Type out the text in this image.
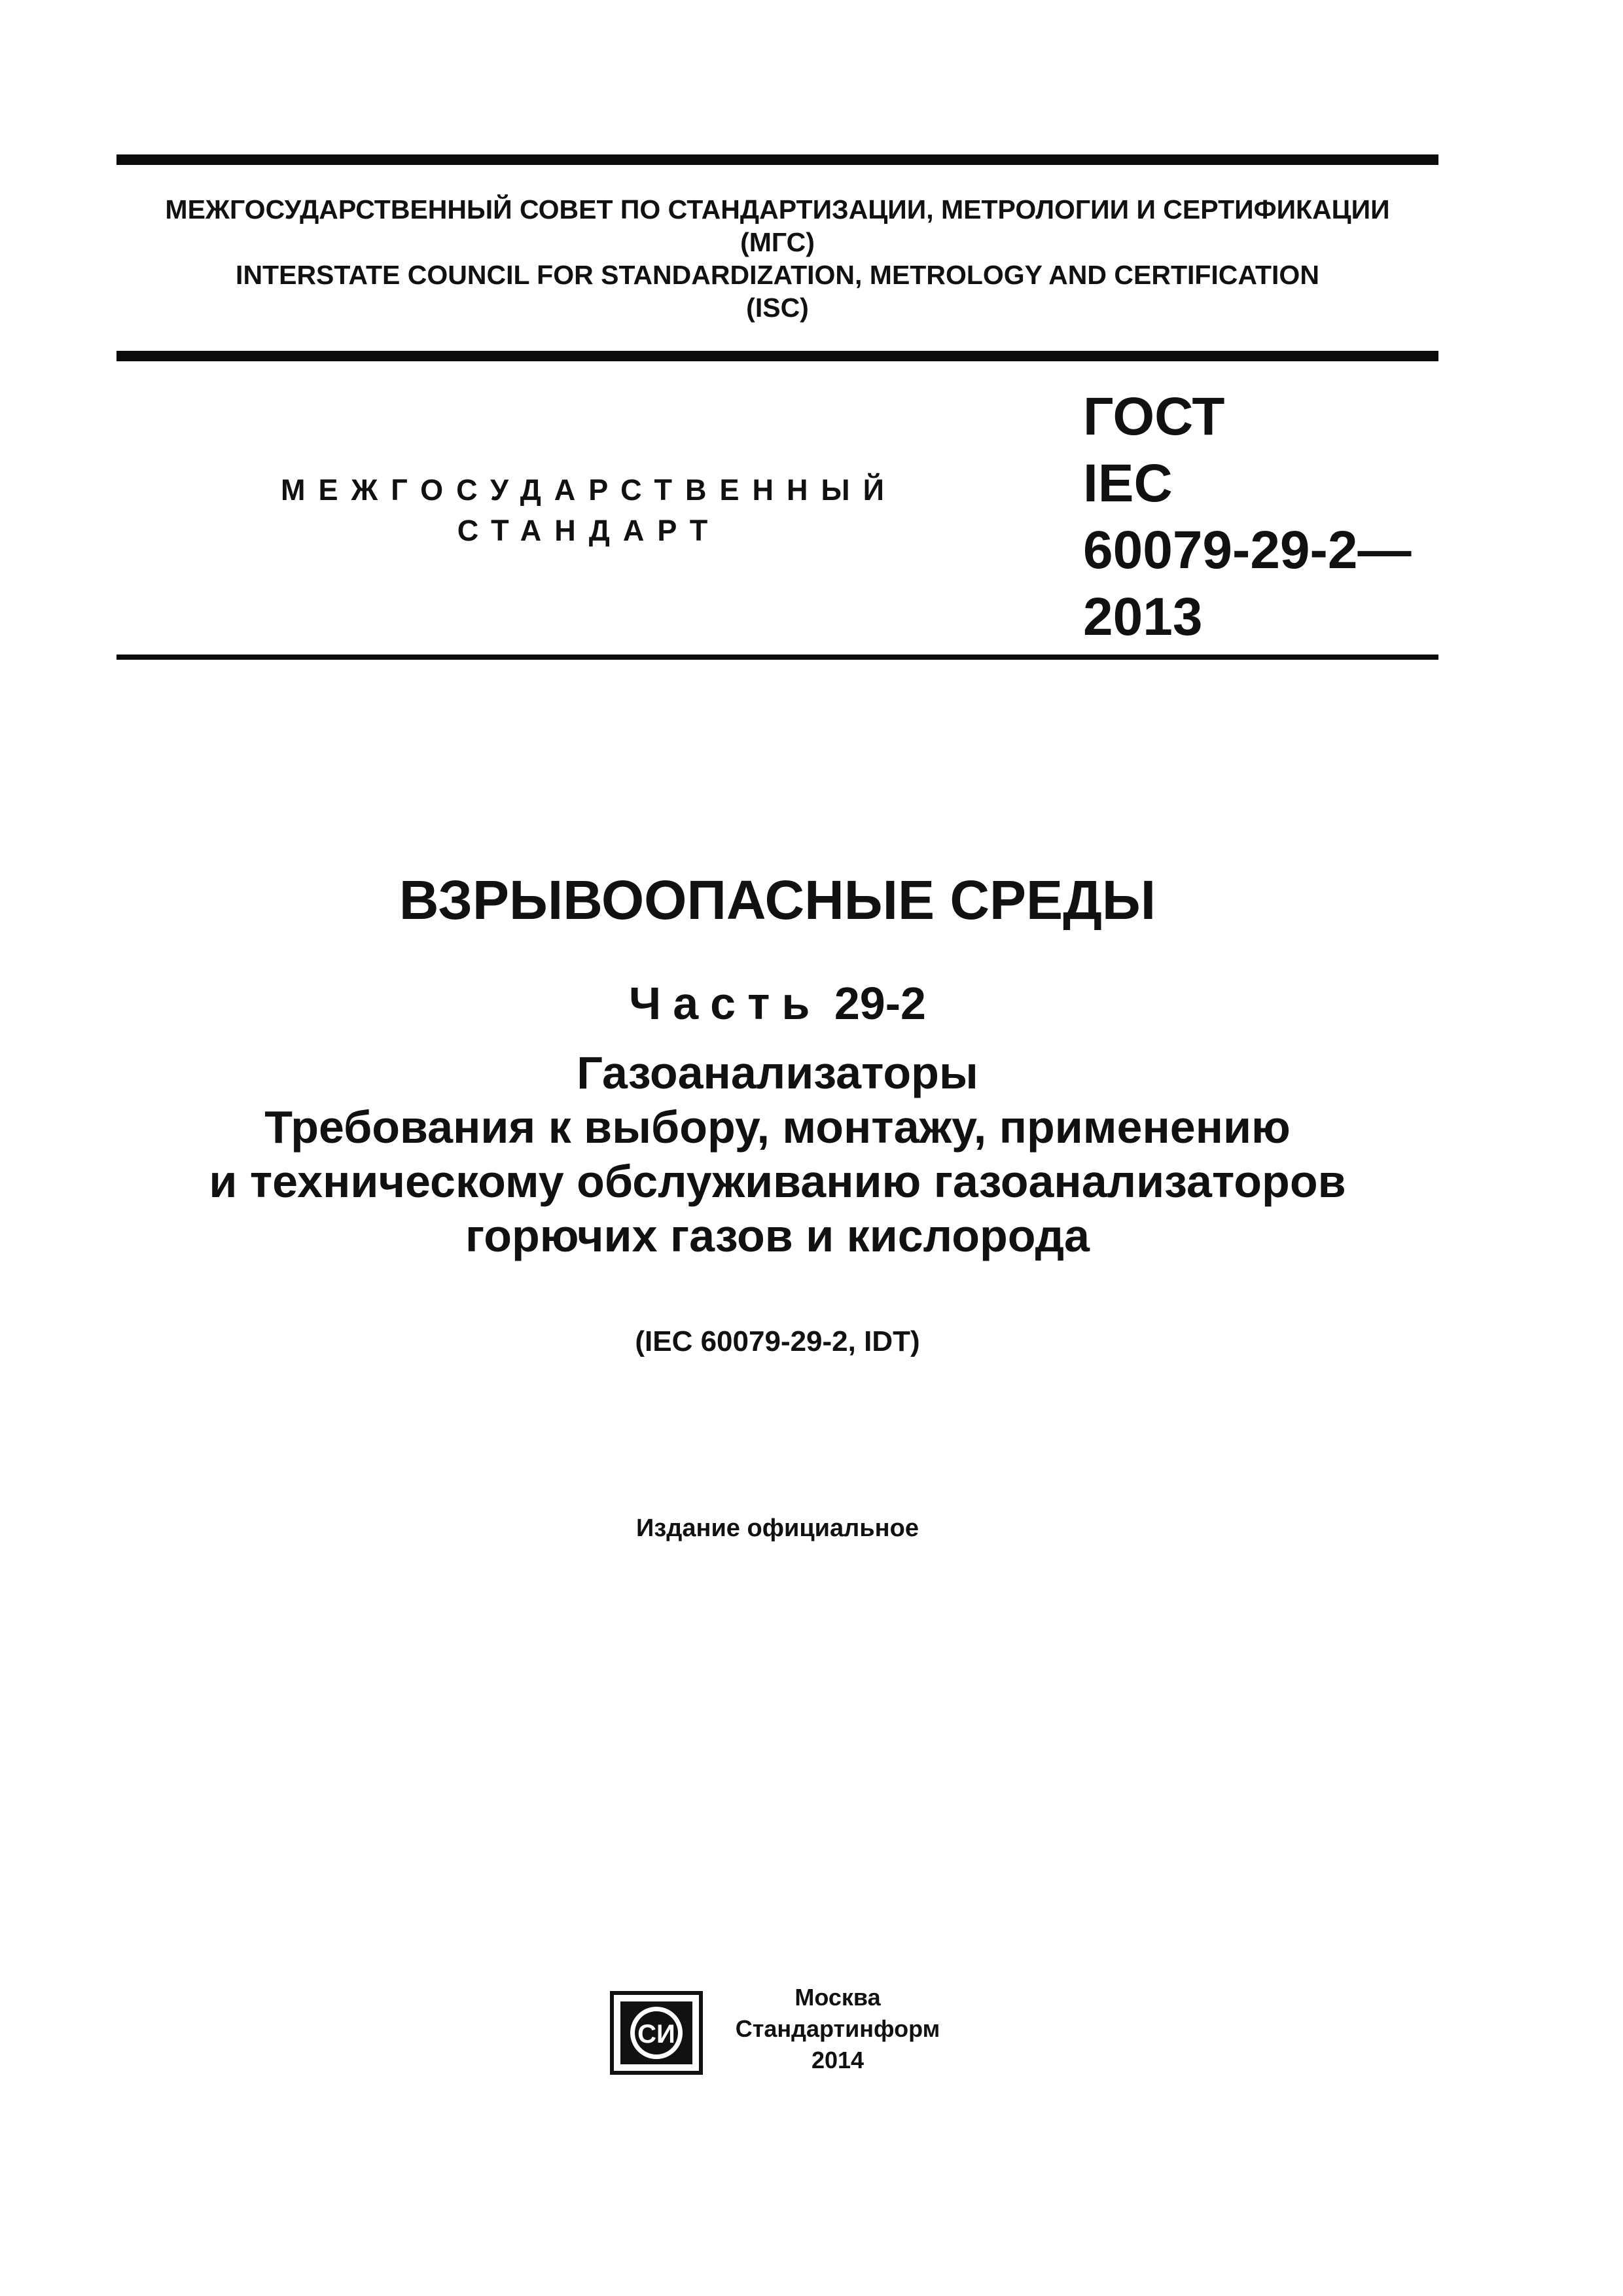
МЕЖГОСУДАРСТВЕННЫЙ СОВЕТ ПО СТАНДАРТИЗАЦИИ, МЕТРОЛОГИИ И СЕРТИФИКАЦИИ
(МГС)
INTERSTATE COUNCIL FOR STANDARDIZATION, METROLOGY AND CERTIFICATION
(ISC)
МЕЖГОСУДАРСТВЕННЫЙ
СТАНДАРТ
ГОСТ
IEC
60079-29-2—
2013
ВЗРЫВООПАСНЫЕ СРЕДЫ
Часть 29-2
Газоанализаторы
Требования к выбору, монтажу, применению
и техническому обслуживанию газоанализаторов
горючих газов и кислорода
(IEC 60079-29-2, IDT)
Издание официальное
СИ
Москва
Стандартинформ
2014
